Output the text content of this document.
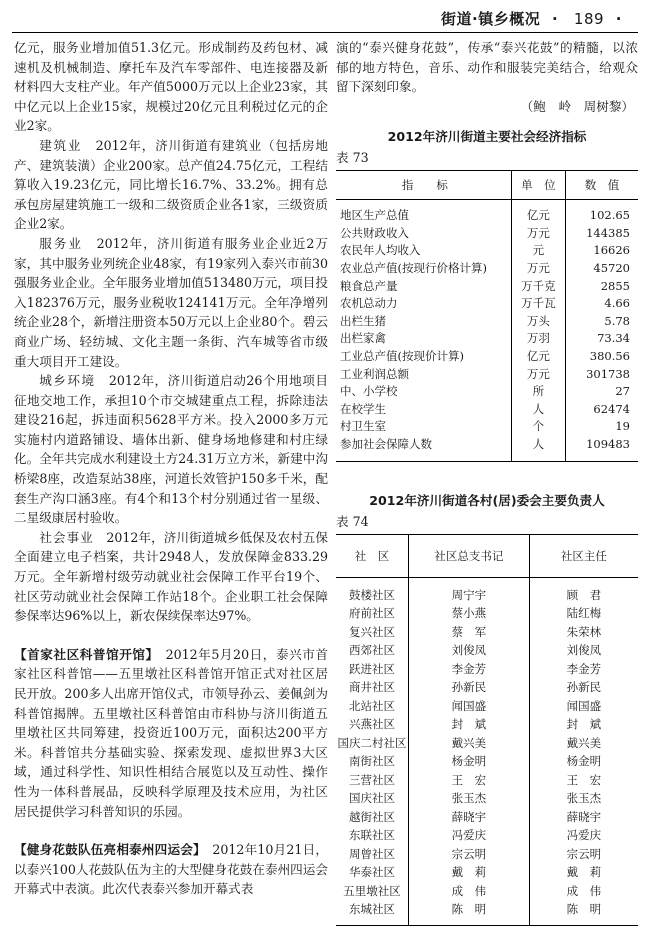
街道·镇乡概况 · 189 ·

亿元，服务业增加值51.3亿元。形成制药及药包材、减速机及机械制造、摩托车及汽车零部件、电连接器及新材料四大支柱产业。年产值5000万元以上企业23家，其中亿元以上企业15家，规模过20亿元且利税过亿元的企业2家。

建筑业　 2012年，济川街道有建筑业（包括房地产、建筑装潢）企业200家。总产值24.75亿元，工程结算收入19.23亿元，同比增长16.7%、33.2%。拥有总承包房屋建筑施工一级和二级资质企业各1家，三级资质企业2家。

服务业　 2012年，济川街道有服务业企业近2万家，其中服务业列统企业48家，有19家列入泰兴市前30强服务业企业。全年服务业增加值513480万元，项目投入182376万元，服务业税收124141万元。全年净增列统企业28个，新增注册资本50万元以上企业80个。碧云商业广场、轻纺城、文化主题一条街、汽车城等省市级重大项目开工建设。

城乡环境　 2012年，济川街道启动26个用地项目征地交地工作，承担10个市交城建重点工程，拆除违法建设216起，拆违面积5628平方米。投入2000多万元实施村内道路铺设、墙体出新、健身场地修建和村庄绿化。全年共完成水利建设土方24.31万立方米，新建中沟桥梁8座，改造泵站38座，河道长效管护150多千米，配套生产沟口涵3座。有4个和13个村分别通过省一星级、二星级康居村验收。

社会事业　 2012年，济川街道城乡低保及农村五保全面建立电子档案，共计2948人，发放保障金833.29万元。全年新增村级劳动就业社会保障工作平台19个、社区劳动就业社会保障工作站18个。企业职工社会保障参保率达96%以上，新农保续保率达97%。

【首家社区科普馆开馆】　 2012年5月20日，泰兴市首家社区科普馆——五里墩社区科普馆开馆正式对社区居民开放。200多人出席开馆仪式，市领导孙云、姜佩剑为科普馆揭牌。五里墩社区科普馆由市科协与济川街道五里墩社区共同筹建，投资近100万元，面积达200平方米。科普馆共分基础实验、探索发现、虚拟世界3大区域，通过科学性、知识性相结合展览以及互动性、操作性为一体科普展品，反映科学原理及技术应用，为社区居民提供学习科普知识的乐园。

【健身花鼓队伍亮相泰州四运会】　 2012年10月21日，以泰兴100人花鼓队伍为主的大型健身花鼓在泰州四运会开幕式中表演。此次代表泰兴参加开幕式表

演的“泰兴健身花鼓”，传承“泰兴花鼓”的精髓，以浓郁的地方特色，音乐、动作和服装完美结合，给观众留下深刻印象。

（鲍　岭　周树黎）

2012年济川街道主要社会经济指标
表 73
指　　标	单　位	数　值
地区生产总值	亿元	102.65
公共财政收入	万元	144385
农民年人均收入	元	16626
农业总产值(按现行价格计算)	万元	45720
粮食总产量	万千克	2855
农机总动力	万千瓦	4.66
出栏生猪	万头	5.78
出栏家禽	万羽	73.34
工业总产值(按现价计算)	亿元	380.56
工业利润总额	万元	301738
中、小学校	所	27
在校学生	人	62474
村卫生室	个	19
参加社会保障人数	人	109483
2012年济川街道各村(居)委会主要负责人
表 74
社　区	社区总支书记	社区主任
鼓楼社区	周宁宇	顾　君
府前社区	蔡小燕	陆红梅
复兴社区	蔡　军	朱荣林
西郊社区	刘俊凤	刘俊凤
跃进社区	李金芳	李金芳
商井社区	孙新民	孙新民
北站社区	闻国盛	闻国盛
兴燕社区	封　斌	封　斌
国庆二村社区	戴兴美	戴兴美
南街社区	杨金明	杨金明
三营社区	王　宏	王　宏
国庆社区	张玉杰	张玉杰
越街社区	薛晓宇	薛晓宇
东联社区	冯爱庆	冯爱庆
周曾社区	宗云明	宗云明
华泰社区	戴　莉	戴　莉
五里墩社区	成　伟	成　伟
东城社区	陈　明	陈　明
